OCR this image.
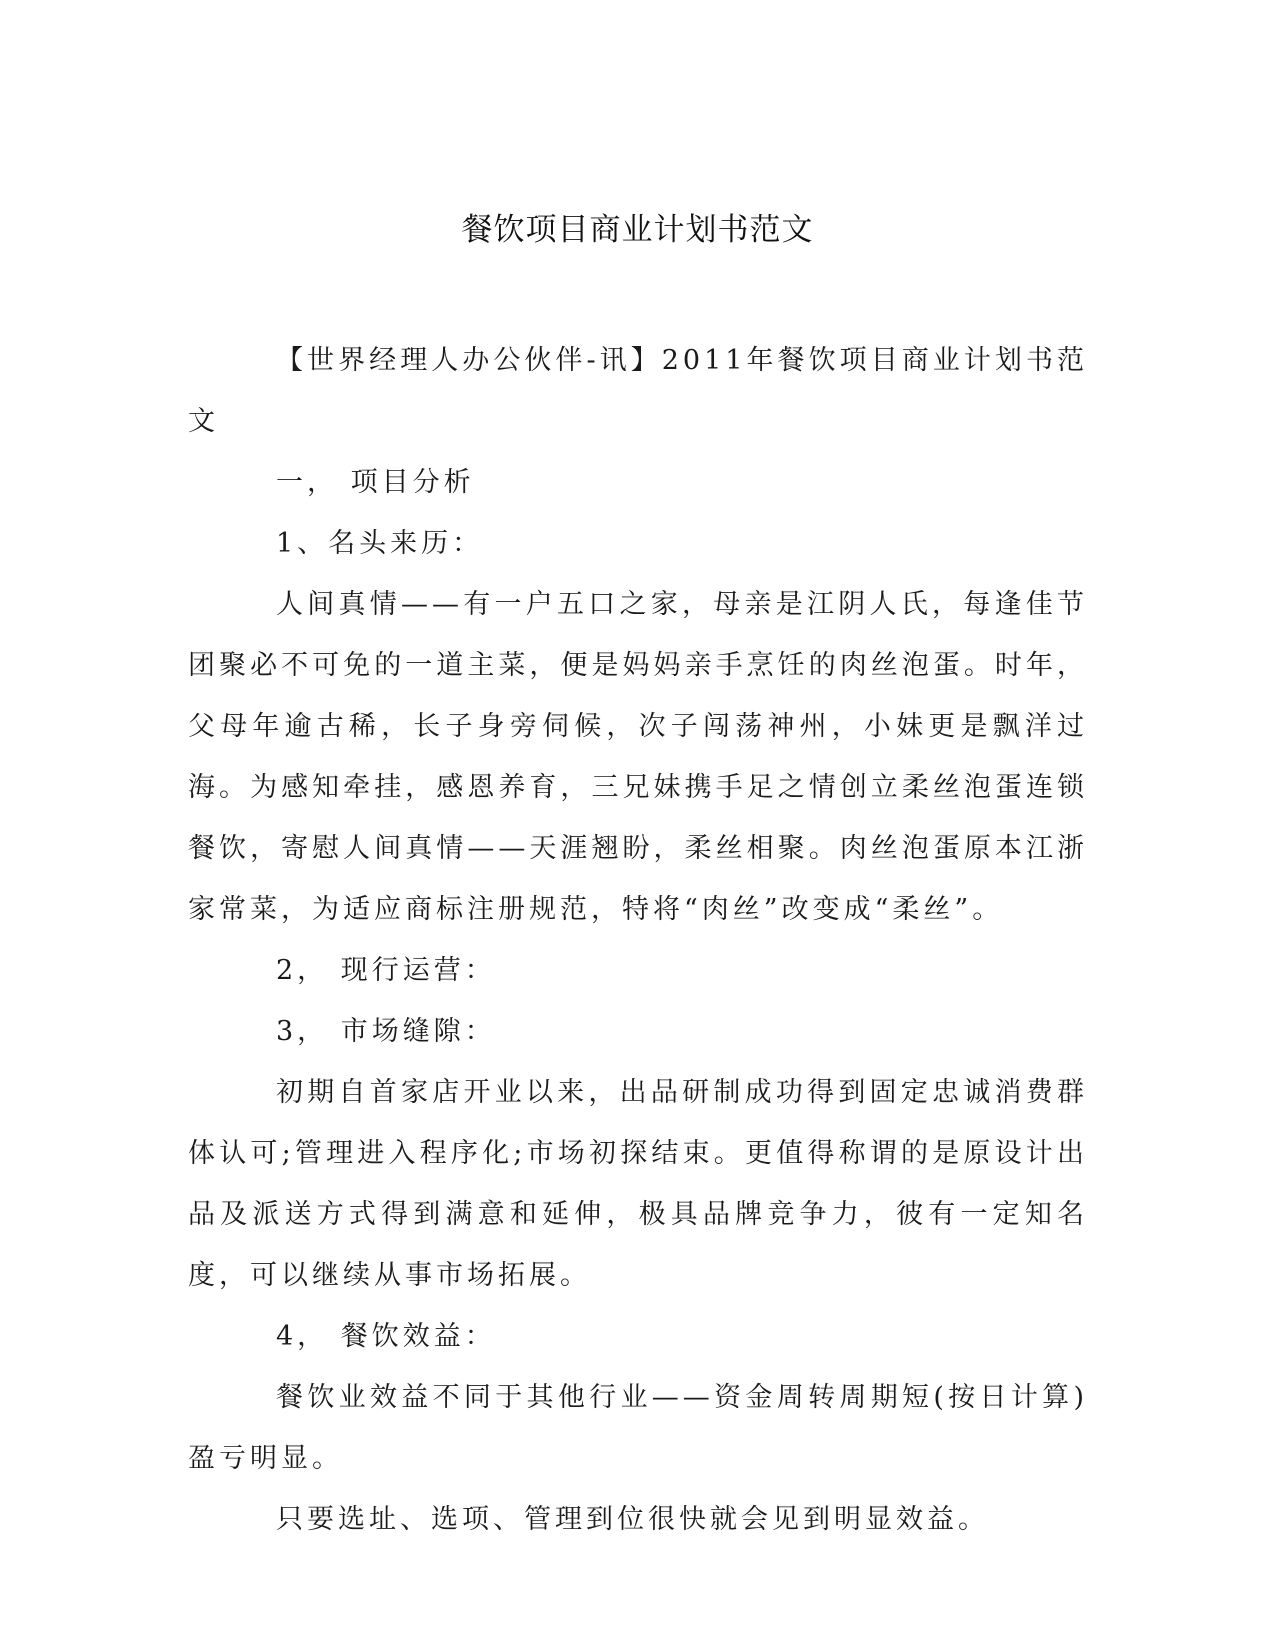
餐饮项目商业计划书范文

【世界经理人办公伙伴-讯】2011年餐饮项目商业计划书范文

一， 项目分析

1、名头来历：

人间真情——有一户五口之家，母亲是江阴人氏，每逢佳节团聚必不可免的一道主菜，便是妈妈亲手烹饪的肉丝泡蛋。时年，父母年逾古稀，长子身旁伺候，次子闯荡神州，小妹更是飘洋过海。为感知牵挂，感恩养育，三兄妹携手足之情创立柔丝泡蛋连锁餐饮，寄慰人间真情——天涯翘盼，柔丝相聚。肉丝泡蛋原本江浙家常菜，为适应商标注册规范，特将“肉丝”改变成“柔丝”。

2， 现行运营：

3， 市场缝隙：

初期自首家店开业以来，出品研制成功得到固定忠诚消费群体认可;管理进入程序化;市场初探结束。更值得称谓的是原设计出品及派送方式得到满意和延伸，极具品牌竞争力，彼有一定知名度，可以继续从事市场拓展。

4， 餐饮效益：

餐饮业效益不同于其他行业——资金周转周期短(按日计算)盈亏明显。

只要选址、选项、管理到位很快就会见到明显效益。
